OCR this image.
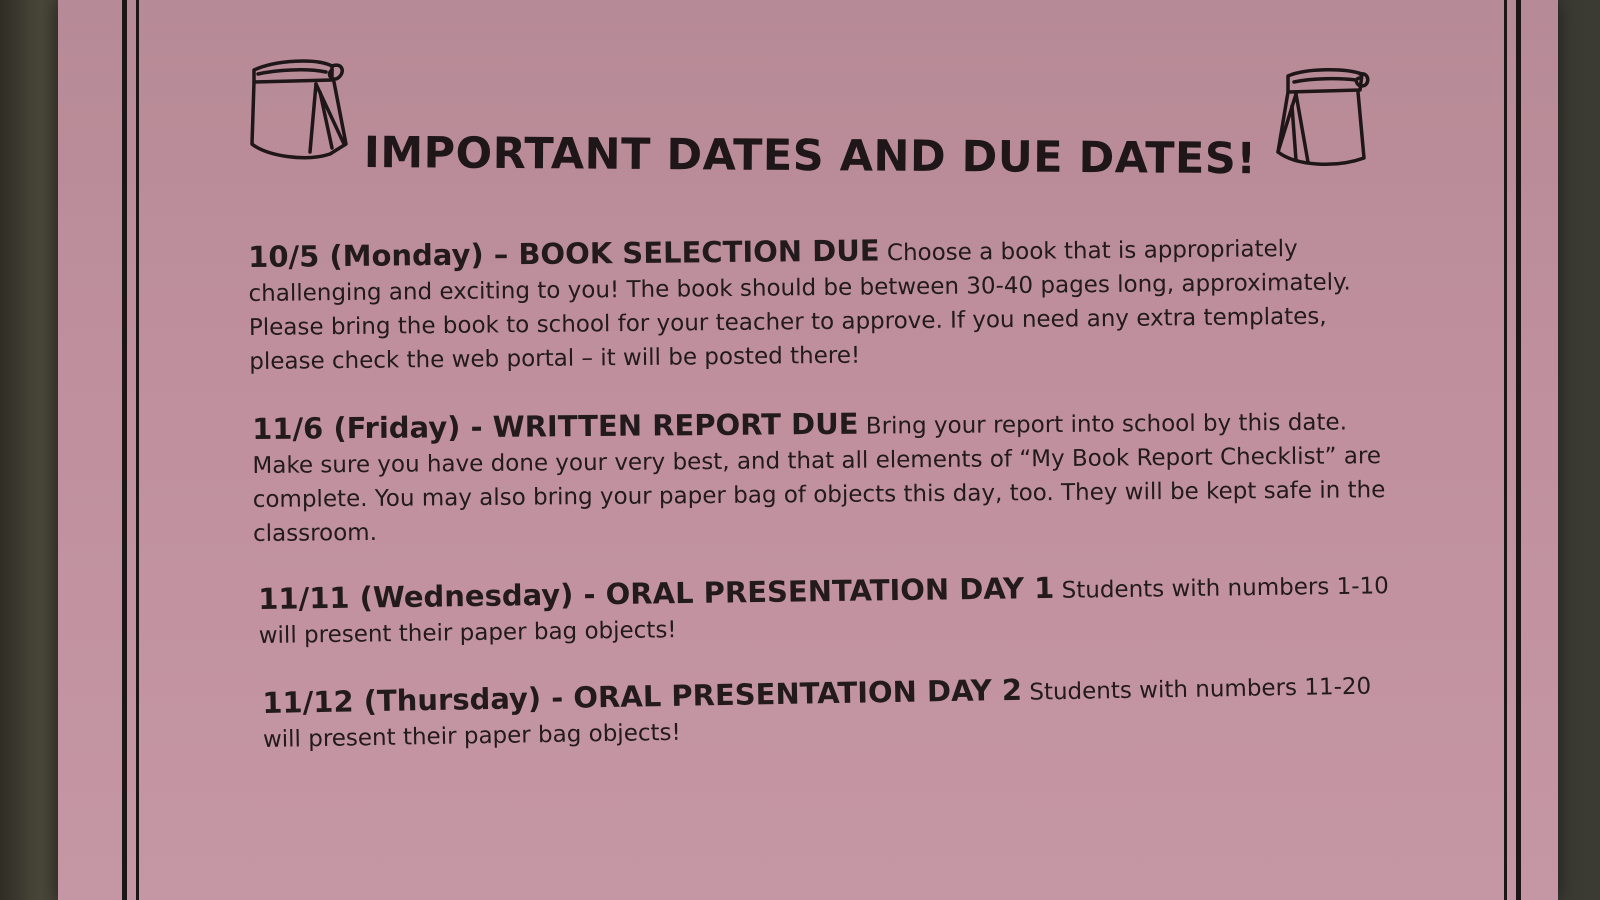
IMPORTANT DATES AND DUE DATES!
10/5 (Monday) – BOOK SELECTION DUE Choose a book that is appropriately challenging and exciting to you! The book should be between 30-40 pages long, approximately. Please bring the book to school for your teacher to approve. If you need any extra templates, please check the web portal – it will be posted there!
11/6 (Friday) - WRITTEN REPORT DUE Bring your report into school by this date. Make sure you have done your very best, and that all elements of “My Book Report Checklist” are complete. You may also bring your paper bag of objects this day, too. They will be kept safe in the classroom.
11/11 (Wednesday) - ORAL PRESENTATION DAY 1 Students with numbers 1-10 will present their paper bag objects!
11/12 (Thursday) - ORAL PRESENTATION DAY 2 Students with numbers 11-20 will present their paper bag objects!
